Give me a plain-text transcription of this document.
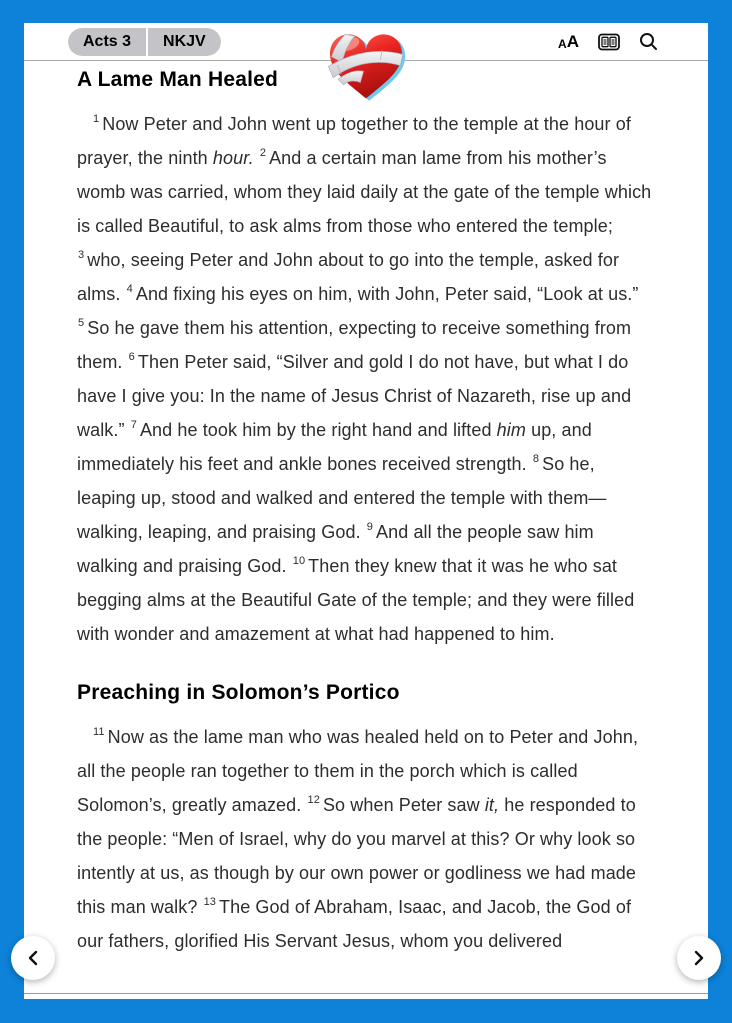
Acts 3	NKJV	A A
A Lame Man Healed

$^1$ Now Peter and John went up together to the temple at the hour of prayer, the ninth hour. $^2$ And a certain man lame from his mother’s womb was carried, whom they laid daily at the gate of the temple which is called Beautiful, to ask alms from those who entered the temple; $^3$ who, seeing Peter and John about to go into the temple, asked for alms. $^4$ And fixing his eyes on him, with John, Peter said, “Look at us.” $^5$ So he gave them his attention, expecting to receive something from them. $^6$ Then Peter said, “Silver and gold I do not have, but what I do have I give you: In the name of Jesus Christ of Nazareth, rise up and walk.” $^7$ And he took him by the right hand and lifted him up, and immediately his feet and ankle bones received strength. $^8$ So he, leaping up, stood and walked and entered the temple with them—walking, leaping, and praising God. $^9$ And all the people saw him walking and praising God. $^{10}$ Then they knew that it was he who sat begging alms at the Beautiful Gate of the temple; and they were filled with wonder and amazement at what had happened to him.

Preaching in Solomon’s Portico

$^{11}$ Now as the lame man who was healed held on to Peter and John, all the people ran together to them in the porch which is called Solomon’s, greatly amazed. $^{12}$ So when Peter saw it, he responded to the people: “Men of Israel, why do you marvel at this? Or why look so intently at us, as though by our own power or godliness we had made this man walk? $^{13}$ The God of Abraham, Isaac, and Jacob, the God of our fathers, glorified His Servant Jesus, whom you delivered
